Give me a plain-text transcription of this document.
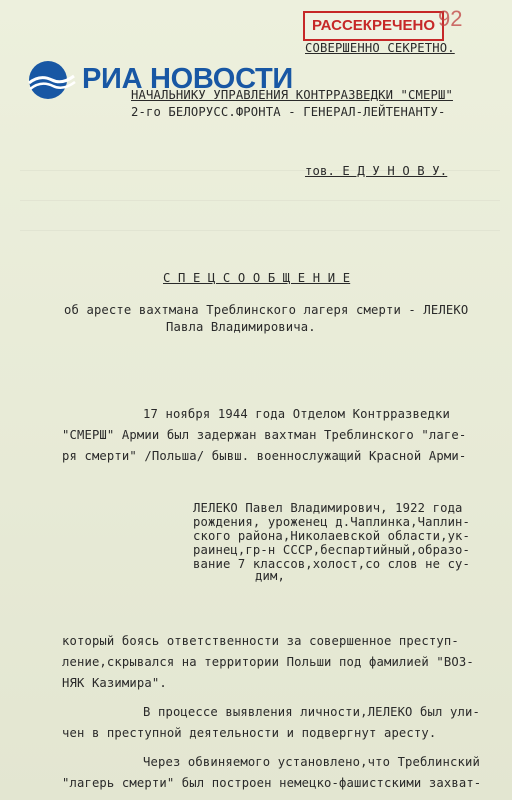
РАССЕКРЕЧЕНО 92
РИА НОВОСТИ
СОВЕРШЕННО СЕКРЕТНО.
НАЧАЛЬНИКУ УПРАВЛЕНИЯ КОНТРРАЗВЕДКИ "СМЕРШ"
2-го БЕЛОРУСС.ФРОНТА - ГЕНЕРАЛ-ЛЕЙТЕНАНТУ-
тов. Е Д У Н О В У.
С П Е Ц С О О Б Щ Е Н И Е
об аресте вахтмана Треблинского лагеря смерти - ЛЕЛЕКО
Павла Владимировича.
17 ноября 1944 года Отделом Контрразведки
"СМЕРШ" Армии был задержан вахтман Треблинского "лаге-
ря смерти" /Польша/ бывш. военнослужащий Красной Арми-
ЛЕЛЕКО Павел Владимирович, 1922 года
рождения, уроженец д.Чаплинка,Чаплин-
ского района,Николаевской области,ук-
раинец,гр-н СССР,беспартийный,образо-
вание 7 классов,холост,со слов не су-
дим,
который боясь ответственности за совершенное преступ-
ление,скрывался на территории Польши под фамилией "ВОЗ-
НЯК Казимира".
В процессе выявления личности,ЛЕЛЕКО был ули-
чен в преступной деятельности и подвергнут аресту.
Через обвиняемого установлено,что Треблинский
"лагерь смерти" был построен немецко-фашистскими захват-
